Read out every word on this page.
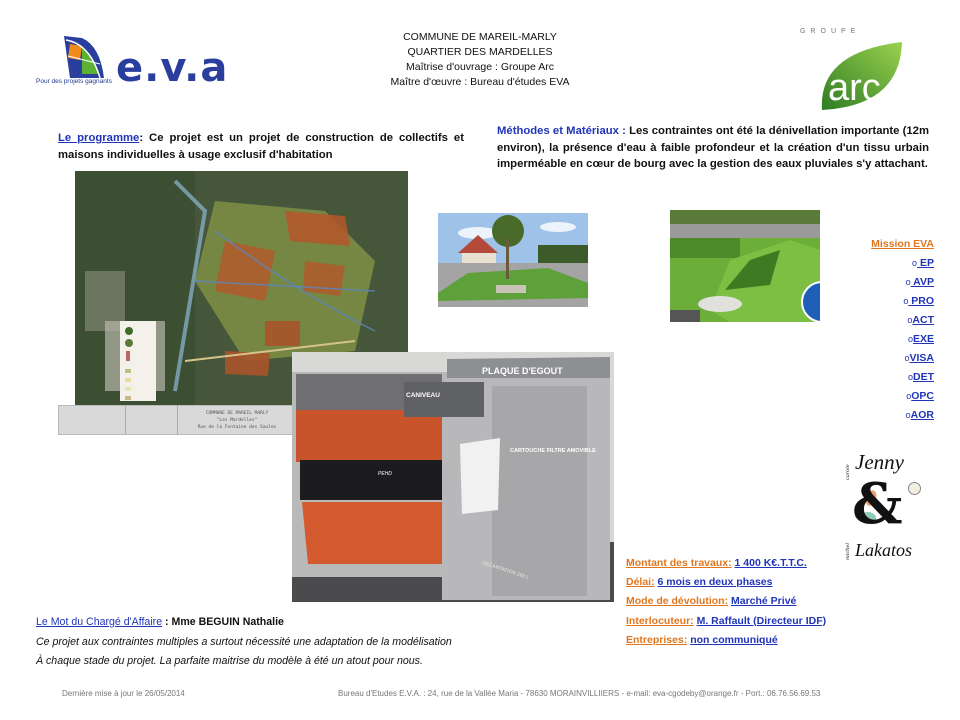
Pour des projets gagnants e.v.a
COMMUNE DE MAREIL-MARLY
QUARTIER DES MARDELLES
Maîtrise d'ouvrage : Groupe Arc
Maître d'œuvre : Bureau d'études EVA
GROUPE
arc
Le programme: Ce projet est un projet de construction de collectifs et maisons individuelles à usage exclusif d'habitation
Méthodes et Matériaux : Les contraintes ont été la dénivellation importante (12m environ), la présence d'eau à faible profondeur et la création d'un tissu urbain imperméable en cœur de bourg avec la gestion des eaux pluviales s'y attachant.
COMMUNE DE MAREIL MARLY
"Les Mardelles"
Rue de la Fontaine des Saules
PLAQUE D'EGOUT
CANIVEAU
CARTOUCHE FILTRE AMOVIBLE
PEHD
DECANTATION 260 L
Mission EVA
o EP
o AVP
o PRO
oACT
oEXE
oVISA
oDET
oOPC
oAOR
carole Jenny
&
michel Lakatos
Montant des travaux: 1 400 K€.T.T.C.
Délai: 6 mois en deux phases
Mode de dévolution: Marché Privé
Interlocuteur: M. Raffault (Directeur IDF)
Entreprises: non communiqué
Le Mot du Chargé d'Affaire : Mme BEGUIN Nathalie
Ce projet aux contraintes multiples a surtout nécessité une adaptation de la modélisation
À chaque stade du projet. La parfaite maitrise du modèle à été un atout pour nous.
Dernière mise à jour le 26/05/2014	Bureau d'Etudes E.V.A. : 24, rue de la Vallée Maria - 78630 MORAINVILLIIERS - e-mail: eva-cgodeby@orange.fr - Port.: 06.76.56.69.53
